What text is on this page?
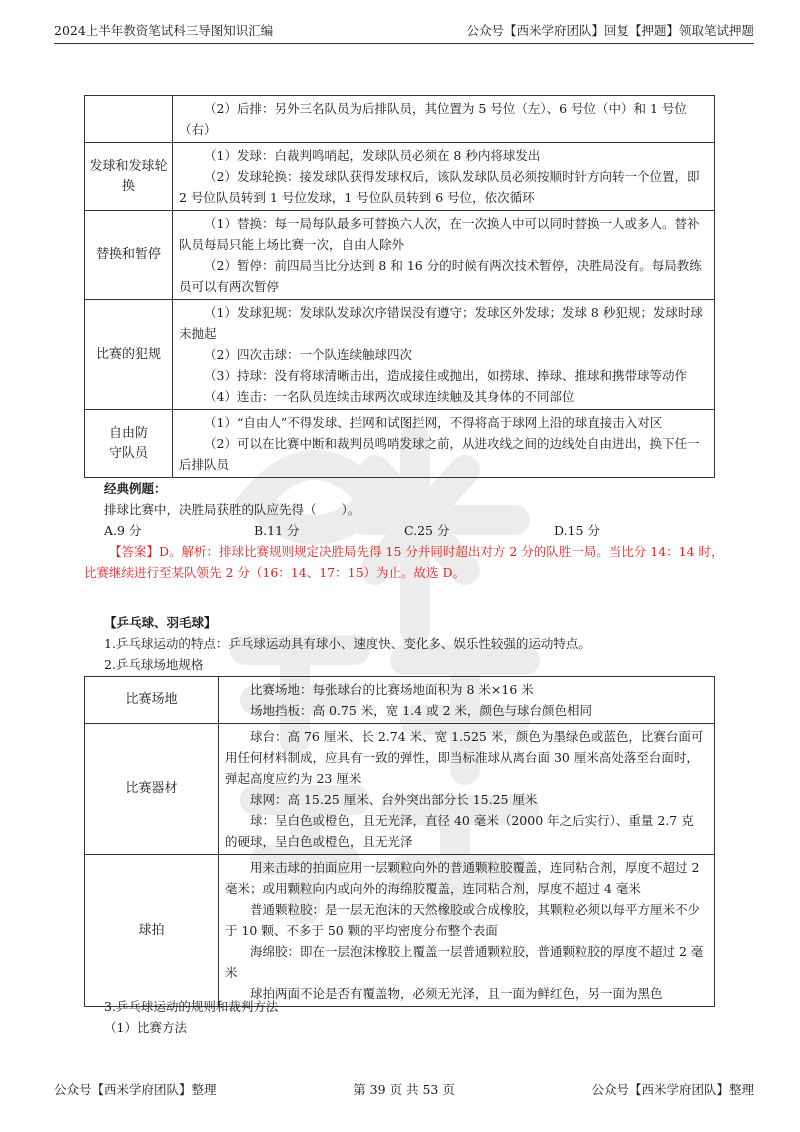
2024上半年教资笔试科三导图知识汇编	公众号【西米学府团队】回复【押题】领取笔试押题

	（2）后排：另外三名队员为后排队员，其位置为 5 号位（左）、6 号位（中）和 1 号位（右）

发球和发球轮换	（1）发球：白裁判鸣哨起，发球队员必须在 8 秒内将球发出

（2）发球轮换：接发球队获得发球权后，该队发球队员必须按顺时针方向转一个位置，即 2 号位队员转到 1 号位发球，1 号位队员转到 6 号位，依次循环

替换和暂停	（1）替换：每一局每队最多可替换六人次，在一次换人中可以同时替换一人或多人。替补队员每局只能上场比赛一次，自由人除外

（2）暂停：前四局当比分达到 8 和 16 分的时候有两次技术暂停，决胜局没有。每局教练员可以有两次暂停

比赛的犯规	（1）发球犯规：发球队发球次序错误没有遵守；发球区外发球；发球 8 秒犯规；发球时球未抛起

（2）四次击球：一个队连续触球四次

（3）持球：没有将球清晰击出，造成接住或抛出，如捞球、捧球、推球和携带球等动作

（4）连击：一名队员连续击球两次或球连续触及其身体的不同部位

自由防守队员	（1）“自由人”不得发球、拦网和试图拦网，不得将高于球网上沿的球直接击入对区

（2）可以在比赛中断和裁判员鸣哨发球之前，从进攻线之间的边线处自由进出，换下任一后排队员

经典例题：

排球比赛中，决胜局获胜的队应先得（　　）。

A.9 分	B.11 分	C.25 分	D.15 分

【答案】D。解析：排球比赛规则规定决胜局先得 15 分并同时超出对方 2 分的队胜一局。当比分 14：14 时，比赛继续进行至某队领先 2 分（16：14、17：15）为止。故选 D。

【乒乓球、羽毛球】

1.乒乓球运动的特点：乒乓球运动具有球小、速度快、变化多、娱乐性较强的运动特点。

2.乒乓球场地规格

比赛场地	比赛场地：每张球台的比赛场地面积为 8 米×16 米

场地挡板：高 0.75 米，宽 1.4 或 2 米，颜色与球台颜色相同

比赛器材	球台：高 76 厘米、长 2.74 米、宽 1.525 米，颜色为墨绿色或蓝色，比赛台面可用任何材料制成，应具有一致的弹性，即当标准球从离台面 30 厘米高处落至台面时，弹起高度应约为 23 厘米

球网：高 15.25 厘米、台外突出部分长 15.25 厘米

球：呈白色或橙色，且无光泽，直径 40 毫米（2000 年之后实行）、重量 2.7 克的硬球，呈白色或橙色，且无光泽

球拍	用来击球的拍面应用一层颗粒向外的普通颗粒胶覆盖，连同粘合剂，厚度不超过 2 毫米；或用颗粒向内或向外的海绵胶覆盖，连同粘合剂，厚度不超过 4 毫米

普通颗粒胶：是一层无泡沫的天然橡胶或合成橡胶，其颗粒必须以每平方厘米不少于 10 颗、不多于 50 颗的平均密度分布整个表面

海绵胶：即在一层泡沫橡胶上覆盖一层普通颗粒胶，普通颗粒胶的厚度不超过 2 毫米

球拍两面不论是否有覆盖物，必须无光泽，且一面为鲜红色，另一面为黑色

3.乒乓球运动的规则和裁判方法

（1）比赛方法

公众号【西米学府团队】整理	第 39 页 共 53 页	公众号【西米学府团队】整理
